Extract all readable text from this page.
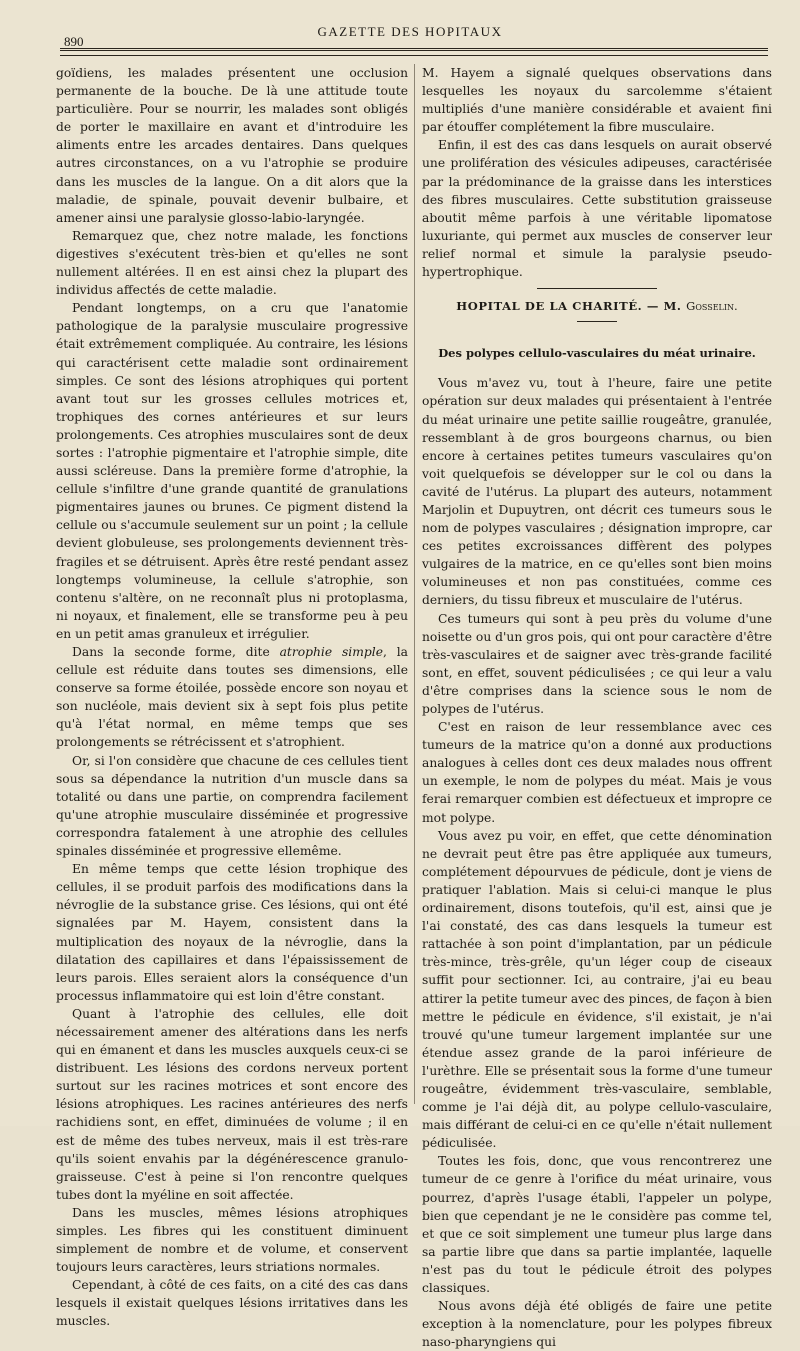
890
GAZETTE DES HOPITAUX

goïdiens, les malades présentent une occlusion permanente de la bouche. De là une attitude toute particulière. Pour se nourrir, les malades sont obligés de porter le maxillaire en avant et d'introduire les aliments entre les arcades dentaires. Dans quelques autres circonstances, on a vu l'atrophie se produire dans les muscles de la langue. On a dit alors que la maladie, de spinale, pouvait devenir bulbaire, et amener ainsi une paralysie glosso-labio-laryngée.

Remarquez que, chez notre malade, les fonctions digestives s'exécutent très-bien et qu'elles ne sont nullement altérées. Il en est ainsi chez la plupart des individus affectés de cette maladie.

Pendant longtemps, on a cru que l'anatomie pathologique de la paralysie musculaire progressive était extrêmement compliquée. Au contraire, les lésions qui caractérisent cette maladie sont ordinairement simples. Ce sont des lésions atrophiques qui portent avant tout sur les grosses cellules motrices et, trophiques des cornes antérieures et sur leurs prolongements. Ces atrophies musculaires sont de deux sortes : l'atrophie pigmentaire et l'atrophie simple, dite aussi scléreuse. Dans la première forme d'atrophie, la cellule s'infiltre d'une grande quantité de granulations pigmentaires jaunes ou brunes. Ce pigment distend la cellule ou s'accumule seulement sur un point ; la cellule devient globuleuse, ses prolongements deviennent très-fragiles et se détruisent. Après être resté pendant assez longtemps volumineuse, la cellule s'atrophie, son contenu s'altère, on ne reconnaît plus ni protoplasma, ni noyaux, et finalement, elle se transforme peu à peu en un petit amas granuleux et irrégulier.

Dans la seconde forme, dite atrophie simple, la cellule est réduite dans toutes ses dimensions, elle conserve sa forme étoilée, possède encore son noyau et son nucléole, mais devient six à sept fois plus petite qu'à l'état normal, en même temps que ses prolongements se rétrécissent et s'atrophient.

Or, si l'on considère que chacune de ces cellules tient sous sa dépendance la nutrition d'un muscle dans sa totalité ou dans une partie, on comprendra facilement qu'une atrophie musculaire disséminée et progressive correspondra fatalement à une atrophie des cellules spinales disséminée et progressive ellemême.

En même temps que cette lésion trophique des cellules, il se produit parfois des modifications dans la névroglie de la substance grise. Ces lésions, qui ont été signalées par M. Hayem, consistent dans la multiplication des noyaux de la névroglie, dans la dilatation des capillaires et dans l'épaississement de leurs parois. Elles seraient alors la conséquence d'un processus inflammatoire qui est loin d'être constant.

Quant à l'atrophie des cellules, elle doit nécessairement amener des altérations dans les nerfs qui en émanent et dans les muscles auxquels ceux-ci se distribuent. Les lésions des cordons nerveux portent surtout sur les racines motrices et sont encore des lésions atrophiques. Les racines antérieures des nerfs rachidiens sont, en effet, diminuées de volume ; il en est de même des tubes nerveux, mais il est très-rare qu'ils soient envahis par la dégénérescence granulo-graisseuse. C'est à peine si l'on rencontre quelques tubes dont la myéline en soit affectée.

Dans les muscles, mêmes lésions atrophiques simples. Les fibres qui les constituent diminuent simplement de nombre et de volume, et conservent toujours leurs caractères, leurs striations normales.

Cependant, à côté de ces faits, on a cité des cas dans lesquels il existait quelques lésions irritatives dans les muscles.

M. Hayem a signalé quelques observations dans lesquelles les noyaux du sarcolemme s'étaient multipliés d'une manière considérable et avaient fini par étouffer complétement la fibre musculaire.

Enfin, il est des cas dans lesquels on aurait observé une prolifération des vésicules adipeuses, caractérisée par la prédominance de la graisse dans les interstices des fibres musculaires. Cette substitution graisseuse aboutit même parfois à une véritable lipomatose luxuriante, qui permet aux muscles de conserver leur relief normal et simule la paralysie pseudo-hypertrophique.

HOPITAL DE LA CHARITÉ. — M. Gosselin.
Des polypes cellulo-vasculaires du méat urinaire.

Vous m'avez vu, tout à l'heure, faire une petite opération sur deux malades qui présentaient à l'entrée du méat urinaire une petite saillie rougeâtre, granulée, ressemblant à de gros bourgeons charnus, ou bien encore à certaines petites tumeurs vasculaires qu'on voit quelquefois se développer sur le col ou dans la cavité de l'utérus. La plupart des auteurs, notamment Marjolin et Dupuytren, ont décrit ces tumeurs sous le nom de polypes vasculaires ; désignation impropre, car ces petites excroissances diffèrent des polypes vulgaires de la matrice, en ce qu'elles sont bien moins volumineuses et non pas constituées, comme ces derniers, du tissu fibreux et musculaire de l'utérus.

Ces tumeurs qui sont à peu près du volume d'une noisette ou d'un gros pois, qui ont pour caractère d'être très-vasculaires et de saigner avec très-grande facilité sont, en effet, souvent pédiculisées ; ce qui leur a valu d'être comprises dans la science sous le nom de polypes de l'utérus.

C'est en raison de leur ressemblance avec ces tumeurs de la matrice qu'on a donné aux productions analogues à celles dont ces deux malades nous offrent un exemple, le nom de polypes du méat. Mais je vous ferai remarquer combien est défectueux et impropre ce mot polype.

Vous avez pu voir, en effet, que cette dénomination ne devrait peut être pas être appliquée aux tumeurs, complétement dépourvues de pédicule, dont je viens de pratiquer l'ablation. Mais si celui-ci manque le plus ordinairement, disons toutefois, qu'il est, ainsi que je l'ai constaté, des cas dans lesquels la tumeur est rattachée à son point d'implantation, par un pédicule très-mince, très-grêle, qu'un léger coup de ciseaux suffit pour sectionner. Ici, au contraire, j'ai eu beau attirer la petite tumeur avec des pinces, de façon à bien mettre le pédicule en évidence, s'il existait, je n'ai trouvé qu'une tumeur largement implantée sur une étendue assez grande de la paroi inférieure de l'urèthre. Elle se présentait sous la forme d'une tumeur rougeâtre, évidemment très-vasculaire, semblable, comme je l'ai déjà dit, au polype cellulo-vasculaire, mais différant de celui-ci en ce qu'elle n'était nullement pédiculisée.

Toutes les fois, donc, que vous rencontrerez une tumeur de ce genre à l'orifice du méat urinaire, vous pourrez, d'après l'usage établi, l'appeler un polype, bien que cependant je ne le considère pas comme tel, et que ce soit simplement une tumeur plus large dans sa partie libre que dans sa partie implantée, laquelle n'est pas du tout le pédicule étroit des polypes classiques.

Nous avons déjà été obligés de faire une petite exception à la nomenclature, pour les polypes fibreux naso-pharyngiens qui
